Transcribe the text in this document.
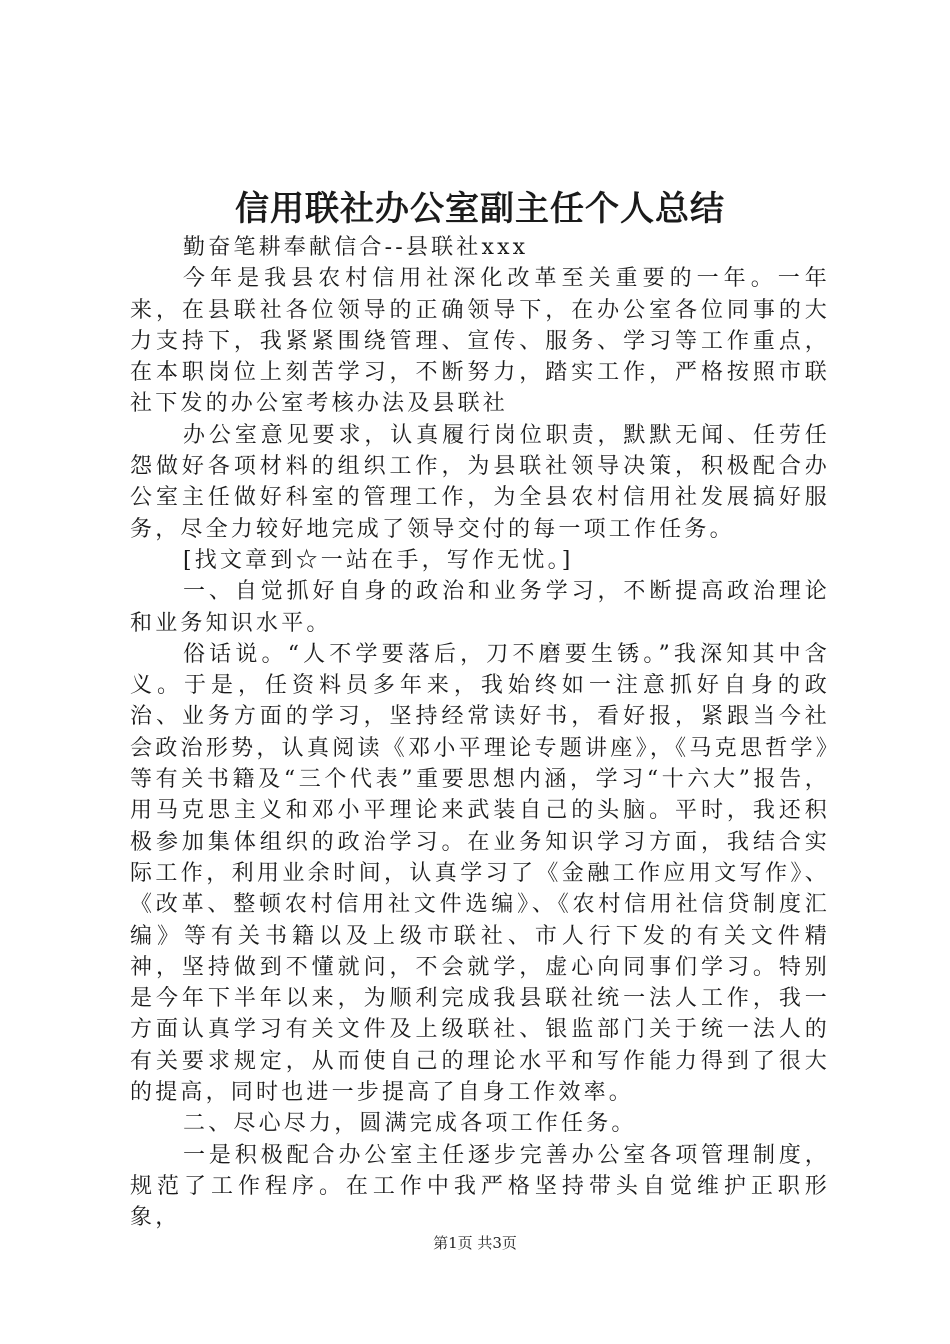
信用联社办公室副主任个人总结

勤奋笔耕奉献信合--县联社xxx

今年是我县农村信用社深化改革至关重要的一年。一年来，在县联社各位领导的正确领导下，在办公室各位同事的大力支持下，我紧紧围绕管理、宣传、服务、学习等工作重点，在本职岗位上刻苦学习，不断努力，踏实工作，严格按照市联社下发的办公室考核办法及县联社

办公室意见要求，认真履行岗位职责，默默无闻、任劳任怨做好各项材料的组织工作，为县联社领导决策，积极配合办公室主任做好科室的管理工作，为全县农村信用社发展搞好服务，尽全力较好地完成了领导交付的每一项工作任务。

[找文章到☆一站在手，写作无忧。]

一、自觉抓好自身的政治和业务学习，不断提高政治理论和业务知识水平。

俗话说。“人不学要落后，刀不磨要生锈。”我深知其中含义。于是，任资料员多年来，我始终如一注意抓好自身的政治、业务方面的学习，坚持经常读好书，看好报，紧跟当今社会政治形势，认真阅读《邓小平理论专题讲座》，《马克思哲学》等有关书籍及“三个代表”重要思想内涵，学习“十六大”报告，用马克思主义和邓小平理论来武装自己的头脑。平时，我还积极参加集体组织的政治学习。在业务知识学习方面，我结合实际工作，利用业余时间，认真学习了《金融工作应用文写作》、《改革、整顿农村信用社文件选编》、《农村信用社信贷制度汇编》等有关书籍以及上级市联社、市人行下发的有关文件精神，坚持做到不懂就问，不会就学，虚心向同事们学习。特别是今年下半年以来，为顺利完成我县联社统一法人工作，我一方面认真学习有关文件及上级联社、银监部门关于统一法人的有关要求规定，从而使自己的理论水平和写作能力得到了很大的提高，同时也进一步提高了自身工作效率。

二、尽心尽力，圆满完成各项工作任务。

一是积极配合办公室主任逐步完善办公室各项管理制度，规范了工作程序。在工作中我严格坚持带头自觉维护正职形象，

第1页 共3页
